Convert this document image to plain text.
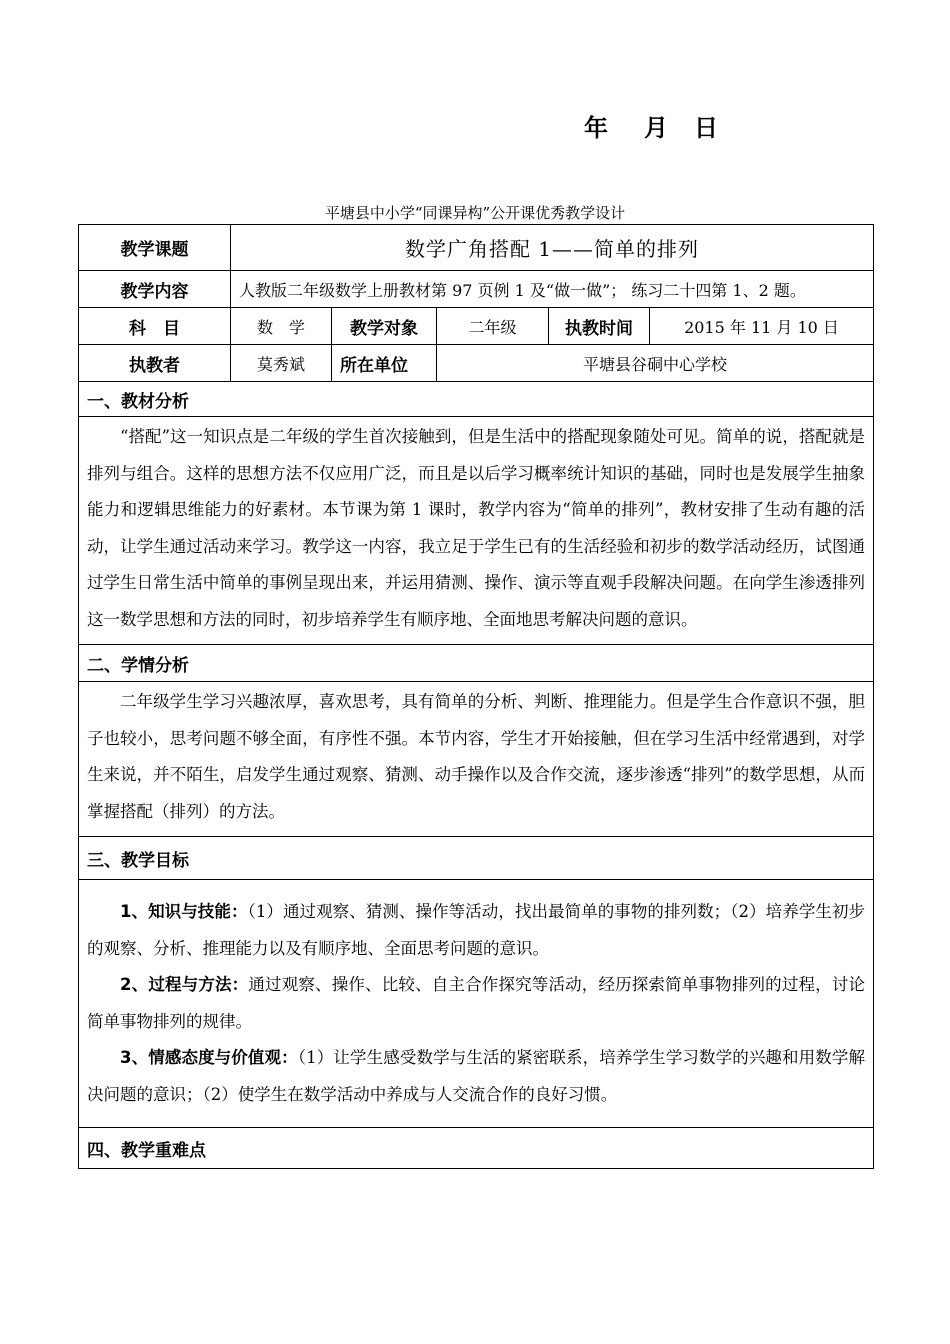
年 月 日
平塘县中小学“同课异构”公开课优秀教学设计
教学课题	数学广角搭配 1——简单的排列				
教学内容	人教版二年级数学上册教材第 97 页例 1 及“做一做”； 练习二十四第 1、2 题。				
科　目	数　学	教学对象	二年级	执教时间	2015 年 11 月 10 日
执教者	莫秀斌	所在单位	平塘县谷硐中心学校		
一、教材分析					

“搭配”这一知识点是二年级的学生首次接触到，但是生活中的搭配现象随处可见。简单的说，搭配就是排列与组合。这样的思想方法不仅应用广泛，而且是以后学习概率统计知识的基础，同时也是发展学生抽象能力和逻辑思维能力的好素材。本节课为第 1 课时，教学内容为“简单的排列”，教材安排了生动有趣的活动，让学生通过活动来学习。教学这一内容，我立足于学生已有的生活经验和初步的数学活动经历，试图通过学生日常生活中简单的事例呈现出来，并运用猜测、操作、演示等直观手段解决问题。在向学生渗透排列这一数学思想和方法的同时，初步培养学生有顺序地、全面地思考解决问题的意识。					

二、学情分析					

二年级学生学习兴趣浓厚，喜欢思考，具有简单的分析、判断、推理能力。但是学生合作意识不强，胆子也较小，思考问题不够全面，有序性不强。本节内容，学生才开始接触，但在学习生活中经常遇到，对学生来说，并不陌生，启发学生通过观察、猜测、动手操作以及合作交流，逐步渗透“排列”的数学思想，从而掌握搭配（排列）的方法。					

三、教学目标					

1、知识与技能：（1）通过观察、猜测、操作等活动，找出最简单的事物的排列数；（2）培养学生初步的观察、分析、推理能力以及有顺序地、全面思考问题的意识。

2、过程与方法：通过观察、操作、比较、自主合作探究等活动，经历探索简单事物排列的过程，讨论简单事物排列的规律。

3、情感态度与价值观：（1）让学生感受数学与生活的紧密联系，培养学生学习数学的兴趣和用数学解决问题的意识；（2）使学生在数学活动中养成与人交流合作的良好习惯。					

四、教学重难点					
